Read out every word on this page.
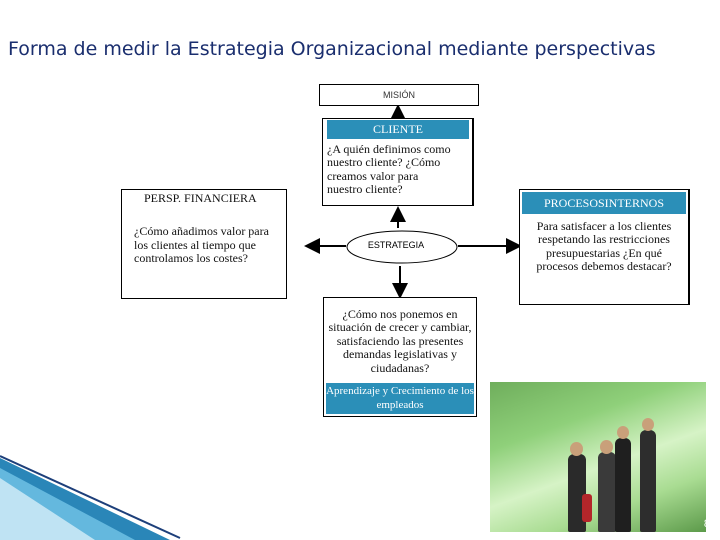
Forma de medir la Estrategia Organizacional mediante perspectivas
MISIÓN
CLIENTE
¿A quién definimos como nuestro cliente? ¿Cómo creamos valor para nuestro cliente?
PERSP. FINANCIERA
¿Cómo añadimos valor para los clientes al tiempo que controlamos los costes?
ESTRATEGIA
PROCESOSINTERNOS
Para satisfacer a los clientes respetando las restricciones presupuestarias ¿En qué procesos debemos destacar?
¿Cómo nos ponemos en situación de crecer y cambiar, satisfaciendo las presentes demandas legislativas y ciudadanas?
Aprendizaje y Crecimiento de los empleados
8
